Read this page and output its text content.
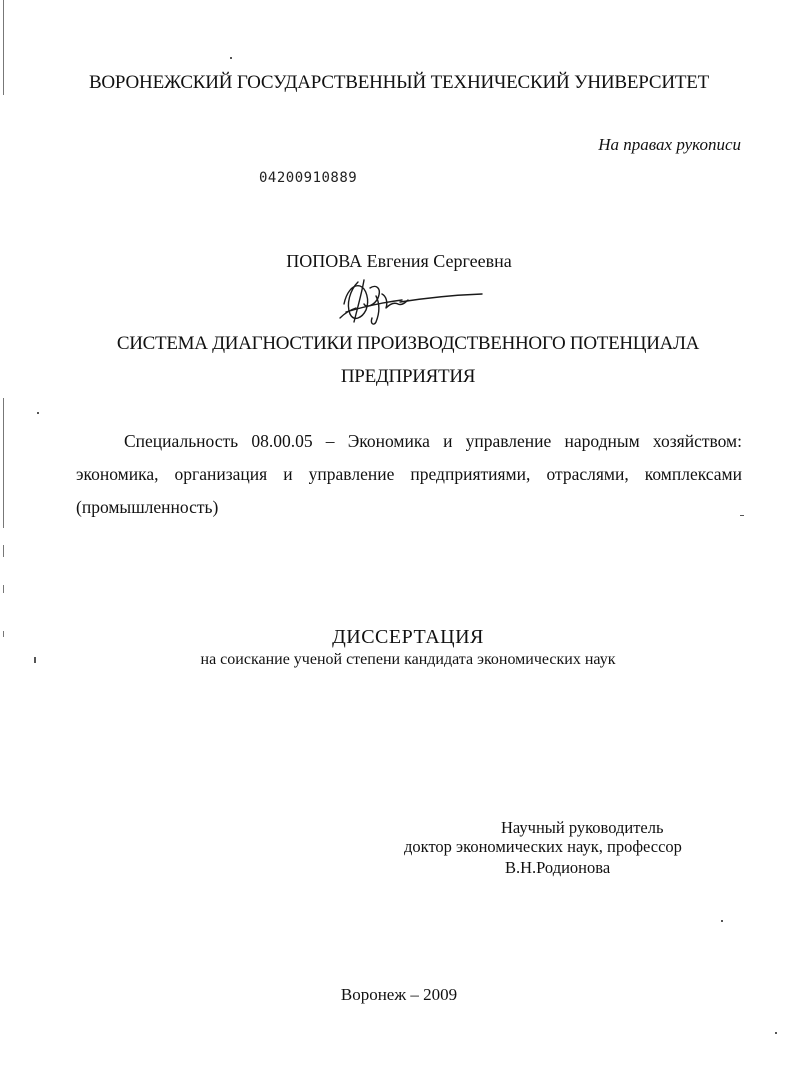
ВОРОНЕЖСКИЙ ГОСУДАРСТВЕННЫЙ ТЕХНИЧЕСКИЙ УНИВЕРСИТЕТ
На правах рукописи
04200910889
ПОПОВА Евгения Сергеевна
СИСТЕМА ДИАГНОСТИКИ ПРОИЗВОДСТВЕННОГО ПОТЕНЦИАЛА
ПРЕДПРИЯТИЯ
Специальность 08.00.05 – Экономика и управление народным хозяйством: экономика, организация и управление предприятиями, отраслями, комплексами (промышленность)
ДИССЕРТАЦИЯ
на соискание ученой степени кандидата экономических наук
Научный руководитель
доктор экономических наук, профессор
В.Н.Родионова
Воронеж – 2009
